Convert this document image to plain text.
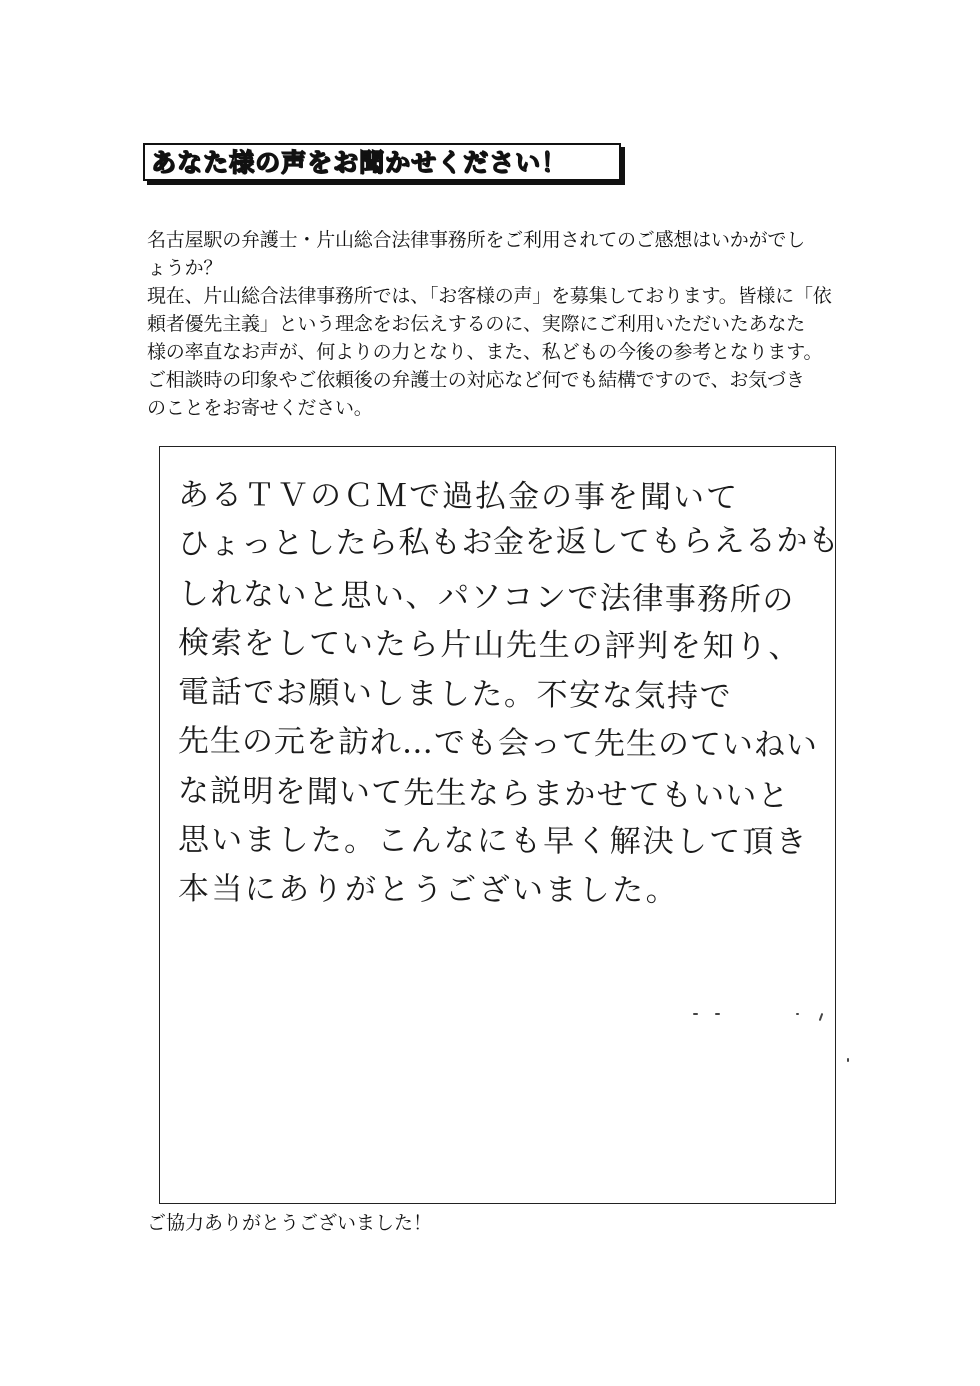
あなた様の声をお聞かせください！
名古屋駅の弁護士・片山総合法律事務所をご利用されてのご感想はいかがでし
ょうか？
現在、片山総合法律事務所では、「お客様の声」を募集しております。皆様に「依
頼者優先主義」という理念をお伝えするのに、実際にご利用いただいたあなた
様の率直なお声が、何よりの力となり、また、私どもの今後の参考となります。
ご相談時の印象やご依頼後の弁護士の対応など何でも結構ですので、お気づき
のことをお寄せください。
あるＴＶのＣＭで過払金の事を聞いて
ひょっとしたら私もお金を返してもらえるかも
しれないと思い、パソコンで法律事務所の
検索をしていたら片山先生の評判を知り、
電話でお願いしました。不安な気持で
先生の元を訪れ…でも会って先生のていねい
な説明を聞いて先生ならまかせてもいいと
思いました。こんなにも早く解決して頂き
本当にありがとうございました。
ご協力ありがとうございました！
